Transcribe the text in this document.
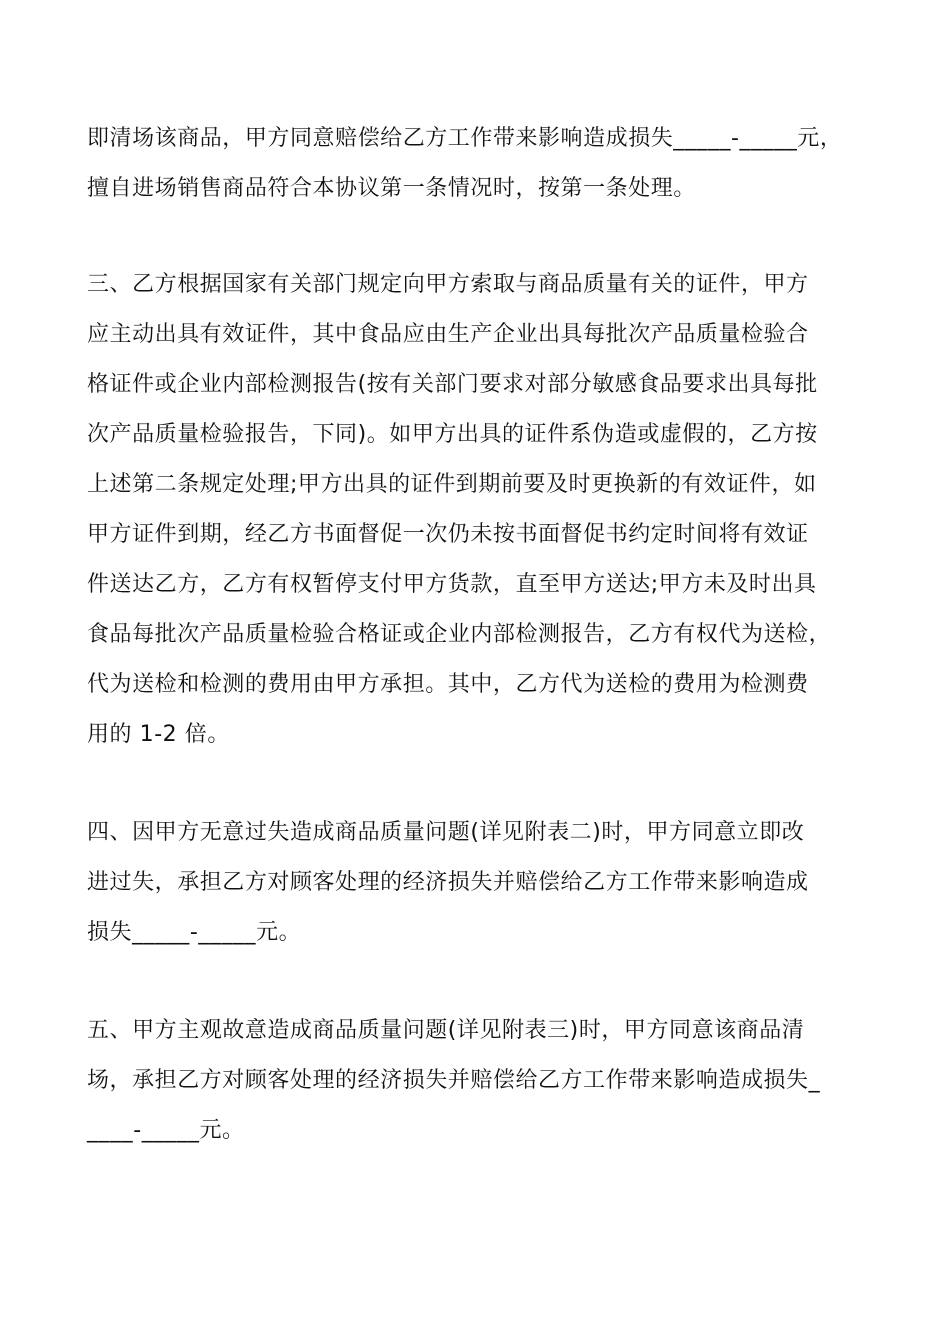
即清场该商品，甲方同意赔偿给乙方工作带来影响造成损失_____-_____元，
擅自进场销售商品符合本协议第一条情况时，按第一条处理。
三、乙方根据国家有关部门规定向甲方索取与商品质量有关的证件，甲方
应主动出具有效证件，其中食品应由生产企业出具每批次产品质量检验合
格证件或企业内部检测报告(按有关部门要求对部分敏感食品要求出具每批
次产品质量检验报告，下同)。如甲方出具的证件系伪造或虚假的，乙方按
上述第二条规定处理;甲方出具的证件到期前要及时更换新的有效证件，如
甲方证件到期，经乙方书面督促一次仍未按书面督促书约定时间将有效证
件送达乙方，乙方有权暂停支付甲方货款，直至甲方送达;甲方未及时出具
食品每批次产品质量检验合格证或企业内部检测报告，乙方有权代为送检，
代为送检和检测的费用由甲方承担。其中，乙方代为送检的费用为检测费
用的 1-2 倍。
四、因甲方无意过失造成商品质量问题(详见附表二)时，甲方同意立即改
进过失，承担乙方对顾客处理的经济损失并赔偿给乙方工作带来影响造成
损失_____-_____元。
五、甲方主观故意造成商品质量问题(详见附表三)时，甲方同意该商品清
场，承担乙方对顾客处理的经济损失并赔偿给乙方工作带来影响造成损失_
____-_____元。
